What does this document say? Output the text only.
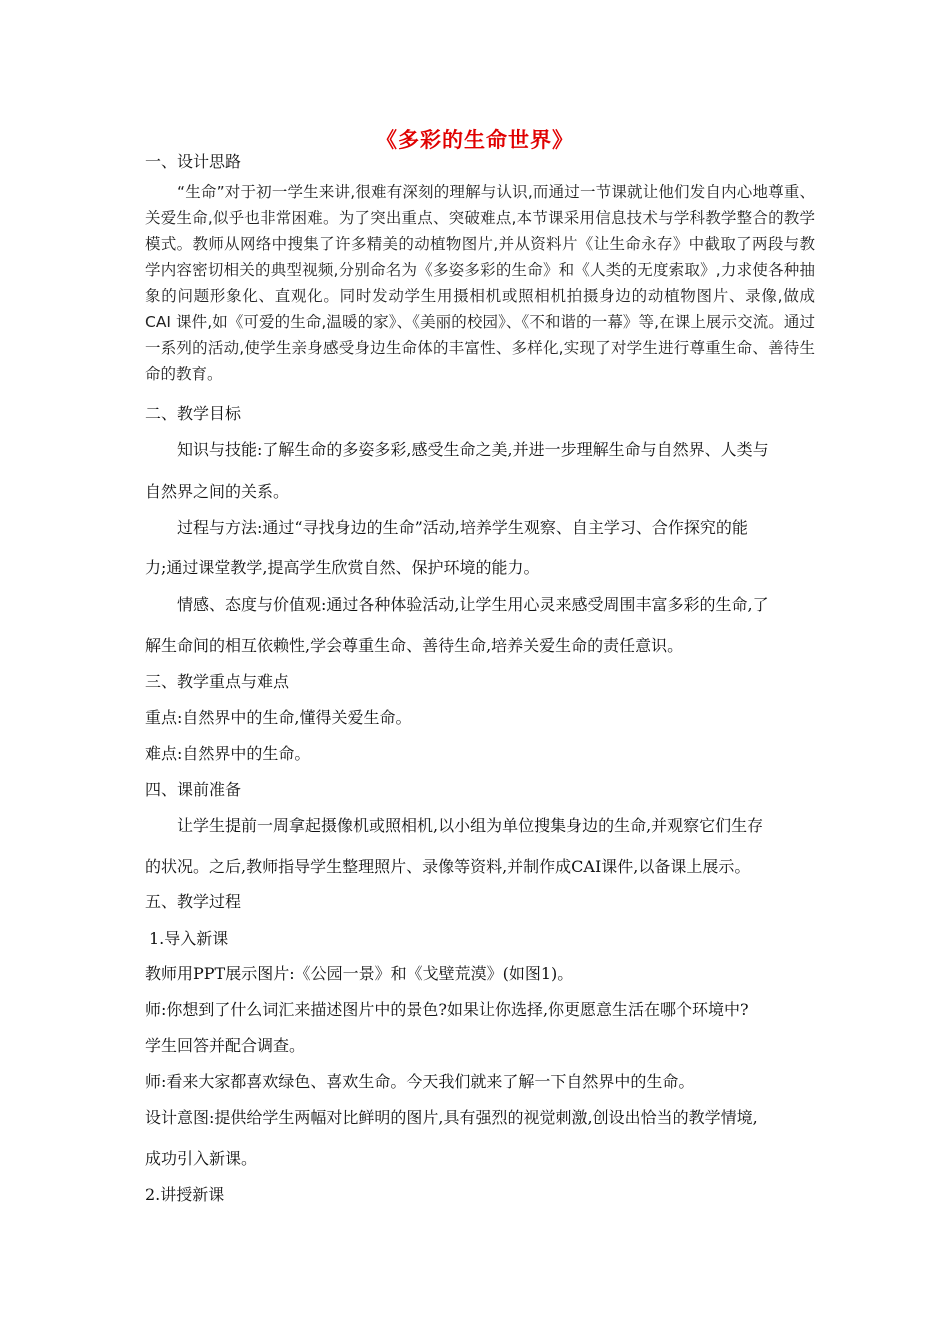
《多彩的生命世界》
一、设计思路
“生命”对于初一学生来讲,很难有深刻的理解与认识,而通过一节课就让他们发自内心地尊重、关爱生命,似乎也非常困难。为了突出重点、突破难点,本节课采用信息技术与学科教学整合的教学模式。教师从网络中搜集了许多精美的动植物图片,并从资料片《让生命永存》中截取了两段与教学内容密切相关的典型视频,分别命名为《多姿多彩的生命》和《人类的无度索取》,力求使各种抽象的问题形象化、直观化。同时发动学生用摄相机或照相机拍摄身边的动植物图片、录像,做成 CAI 课件,如《可爱的生命,温暖的家》、《美丽的校园》、《不和谐的一幕》等,在课上展示交流。通过一系列的活动,使学生亲身感受身边生命体的丰富性、多样化,实现了对学生进行尊重生命、善待生命的教育。
二、教学目标
知识与技能:了解生命的多姿多彩,感受生命之美,并进一步理解生命与自然界、人类与
自然界之间的关系。
过程与方法:通过“寻找身边的生命”活动,培养学生观察、自主学习、合作探究的能
力;通过课堂教学,提高学生欣赏自然、保护环境的能力。
情感、态度与价值观:通过各种体验活动,让学生用心灵来感受周围丰富多彩的生命,了
解生命间的相互依赖性,学会尊重生命、善待生命,培养关爱生命的责任意识。
三、教学重点与难点
重点:自然界中的生命,懂得关爱生命。
难点:自然界中的生命。
四、课前准备
让学生提前一周拿起摄像机或照相机,以小组为单位搜集身边的生命,并观察它们生存
的状况。之后,教师指导学生整理照片、录像等资料,并制作成CAI课件,以备课上展示。
五、教学过程
1.导入新课
教师用PPT展示图片:《公园一景》和《戈壁荒漠》(如图1)。
师:你想到了什么词汇来描述图片中的景色?如果让你选择,你更愿意生活在哪个环境中?
学生回答并配合调查。
师:看来大家都喜欢绿色、喜欢生命。今天我们就来了解一下自然界中的生命。
设计意图:提供给学生两幅对比鲜明的图片,具有强烈的视觉刺激,创设出恰当的教学情境,
成功引入新课。
2.讲授新课
